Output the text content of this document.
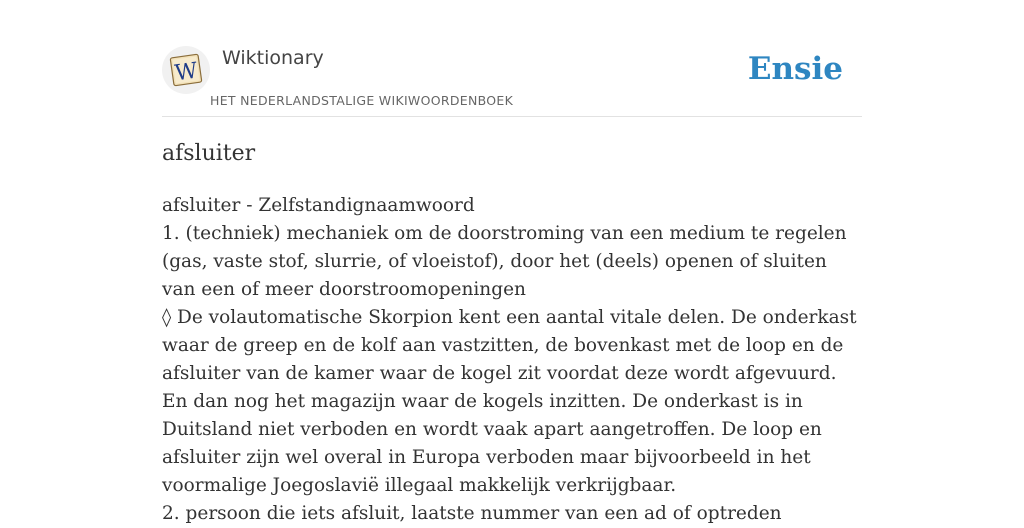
W
Wiktionary
HET NEDERLANDSTALIGE WIKIWOORDENBOEK
Ensie
afsluiter

afsluiter - Zelfstandignaamwoord

1. (techniek) mechaniek om de doorstroming van een medium te regelen (gas, vaste stof, slurrie, of vloeistof), door het (deels) openen of sluiten van een of meer doorstroomopeningen

◊ De volautomatische Skorpion kent een aantal vitale delen. De onderkast waar de greep en de kolf aan vastzitten, de bovenkast met de loop en de afsluiter van de kamer waar de kogel zit voordat deze wordt afgevuurd. En dan nog het magazijn waar de kogels inzitten. De onderkast is in Duitsland niet verboden en wordt vaak apart aangetroffen. De loop en afsluiter zijn wel overal in Europa verboden maar bijvoorbeeld in het voormalige Joegoslavië illegaal makkelijk verkrijgbaar.

2. persoon die iets afsluit, laatste nummer van een ad of optreden
